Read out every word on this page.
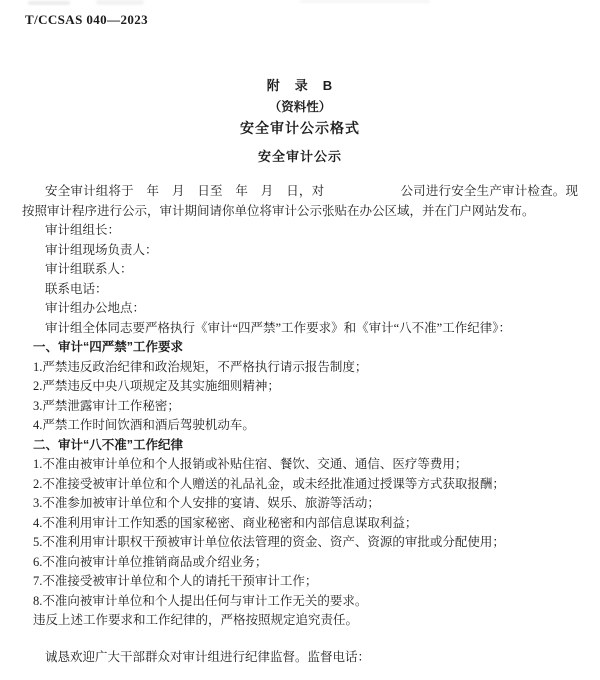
T/CCSAS 040—2023
附　录　B
（资料性）
安全审计公示格式
安全审计公示

安全审计组将于　年　月　日至　年　月　日，对　　　　　　公司进行安全生产审计检查。现按照审计程序进行公示，审计期间请你单位将审计公示张贴在办公区域，并在门户网站发布。

审计组组长：

审计组现场负责人：

审计组联系人：

联系电话：

审计组办公地点：

审计组全体同志要严格执行《审计“四严禁”工作要求》和《审计“八不准”工作纪律》：

一、审计“四严禁”工作要求

1.严禁违反政治纪律和政治规矩，不严格执行请示报告制度；

2.严禁违反中央八项规定及其实施细则精神；

3.严禁泄露审计工作秘密；

4.严禁工作时间饮酒和酒后驾驶机动车。

二、审计“八不准”工作纪律

1.不准由被审计单位和个人报销或补贴住宿、餐饮、交通、通信、医疗等费用；

2.不准接受被审计单位和个人赠送的礼品礼金，或未经批准通过授课等方式获取报酬；

3.不准参加被审计单位和个人安排的宴请、娱乐、旅游等活动；

4.不准利用审计工作知悉的国家秘密、商业秘密和内部信息谋取利益；

5.不准利用审计职权干预被审计单位依法管理的资金、资产、资源的审批或分配使用；

6.不准向被审计单位推销商品或介绍业务；

7.不准接受被审计单位和个人的请托干预审计工作；

8.不准向被审计单位和个人提出任何与审计工作无关的要求。

违反上述工作要求和工作纪律的，严格按照规定追究责任。

诚恳欢迎广大干部群众对审计组进行纪律监督。监督电话：
